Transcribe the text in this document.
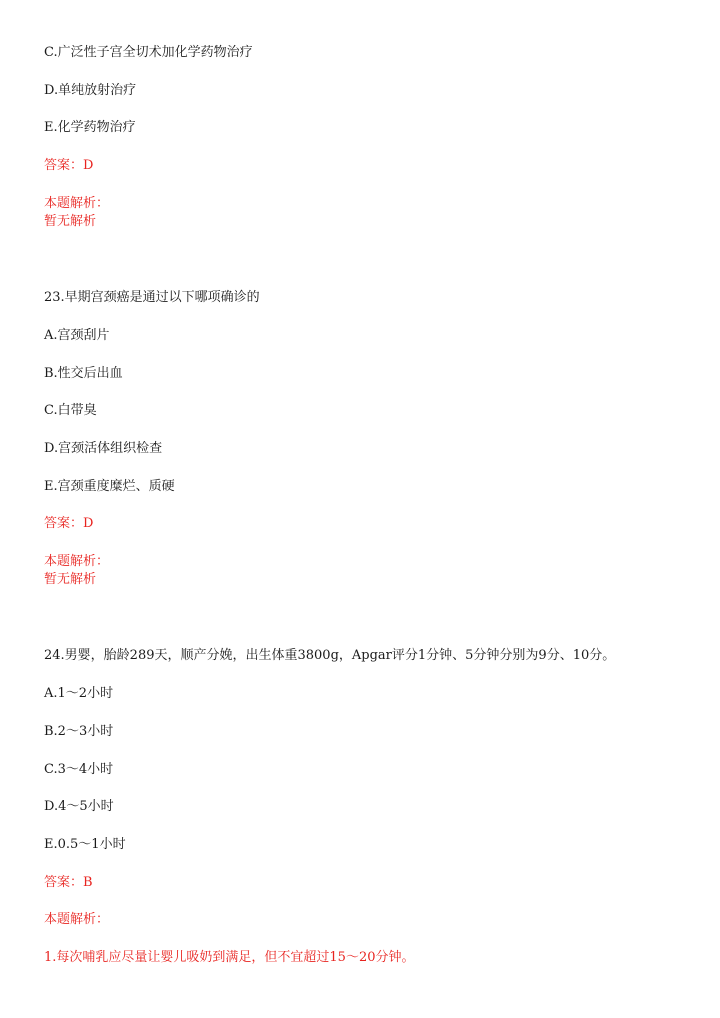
C.广泛性子宫全切术加化学药物治疗
D.单纯放射治疗
E.化学药物治疗
答案：D
本题解析：
暂无解析
23.早期宫颈癌是通过以下哪项确诊的
A.宫颈刮片
B.性交后出血
C.白带臭
D.宫颈活体组织检查
E.宫颈重度糜烂、质硬
答案：D
本题解析：
暂无解析
24.男婴，胎龄289天，顺产分娩，出生体重3800g，Apgar评分1分钟、5分钟分别为9分、10分。
A.1～2小时
B.2～3小时
C.3～4小时
D.4～5小时
E.0.5～1小时
答案：B
本题解析：
1.每次哺乳应尽量让婴儿吸奶到满足，但不宜超过15～20分钟。
